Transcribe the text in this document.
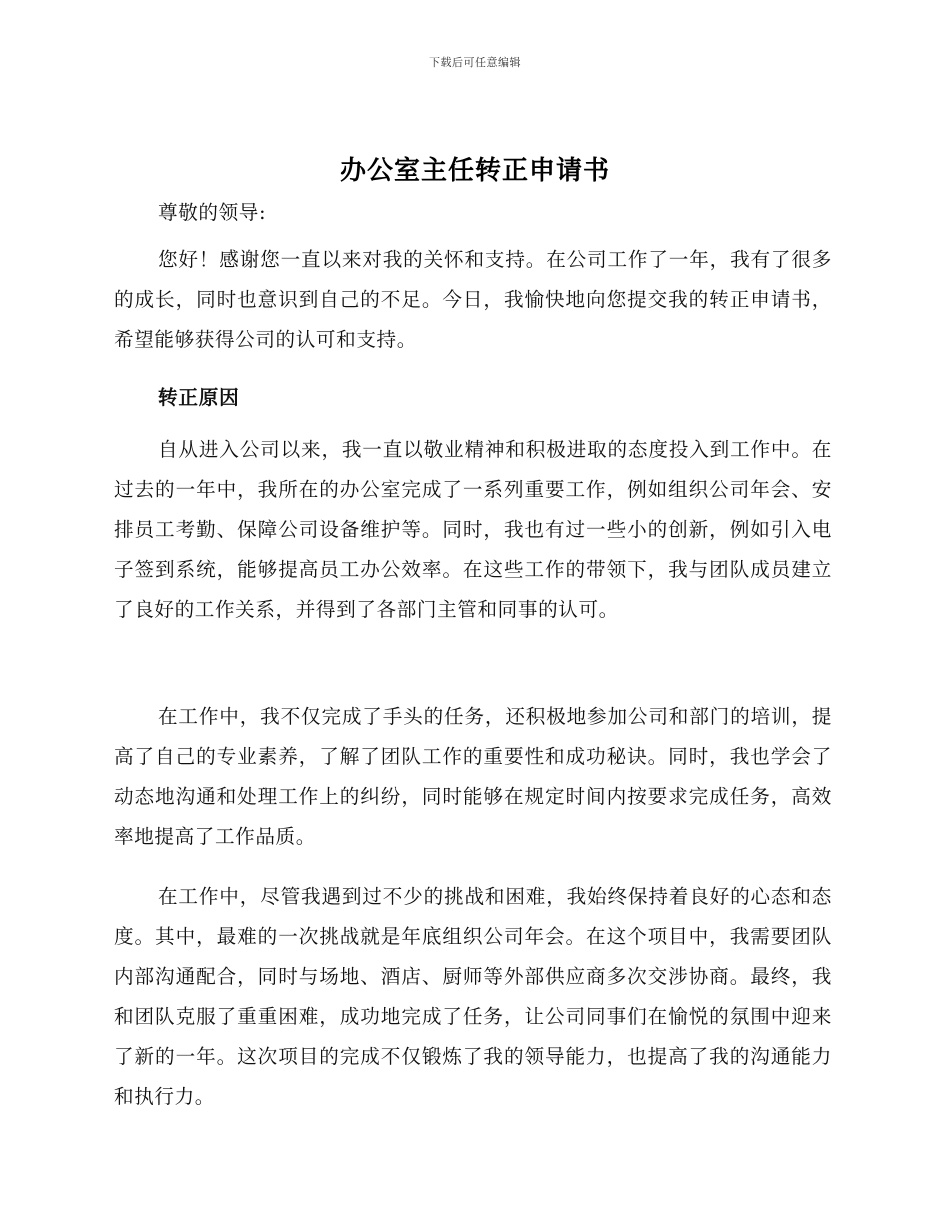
下载后可任意编辑
办公室主任转正申请书

尊敬的领导:

您好！感谢您一直以来对我的关怀和支持。在公司工作了一年，我有了很多的成长，同时也意识到自己的不足。今日，我愉快地向您提交我的转正申请书，希望能够获得公司的认可和支持。

转正原因

自从进入公司以来，我一直以敬业精神和积极进取的态度投入到工作中。在过去的一年中，我所在的办公室完成了一系列重要工作，例如组织公司年会、安排员工考勤、保障公司设备维护等。同时，我也有过一些小的创新，例如引入电子签到系统，能够提高员工办公效率。在这些工作的带领下，我与团队成员建立了良好的工作关系，并得到了各部门主管和同事的认可。

在工作中，我不仅完成了手头的任务，还积极地参加公司和部门的培训，提高了自己的专业素养，了解了团队工作的重要性和成功秘诀。同时，我也学会了动态地沟通和处理工作上的纠纷，同时能够在规定时间内按要求完成任务，高效率地提高了工作品质。

在工作中，尽管我遇到过不少的挑战和困难，我始终保持着良好的心态和态度。其中，最难的一次挑战就是年底组织公司年会。在这个项目中，我需要团队内部沟通配合，同时与场地、酒店、厨师等外部供应商多次交涉协商。最终，我和团队克服了重重困难，成功地完成了任务，让公司同事们在愉悦的氛围中迎来了新的一年。这次项目的完成不仅锻炼了我的领导能力，也提高了我的沟通能力和执行力。
